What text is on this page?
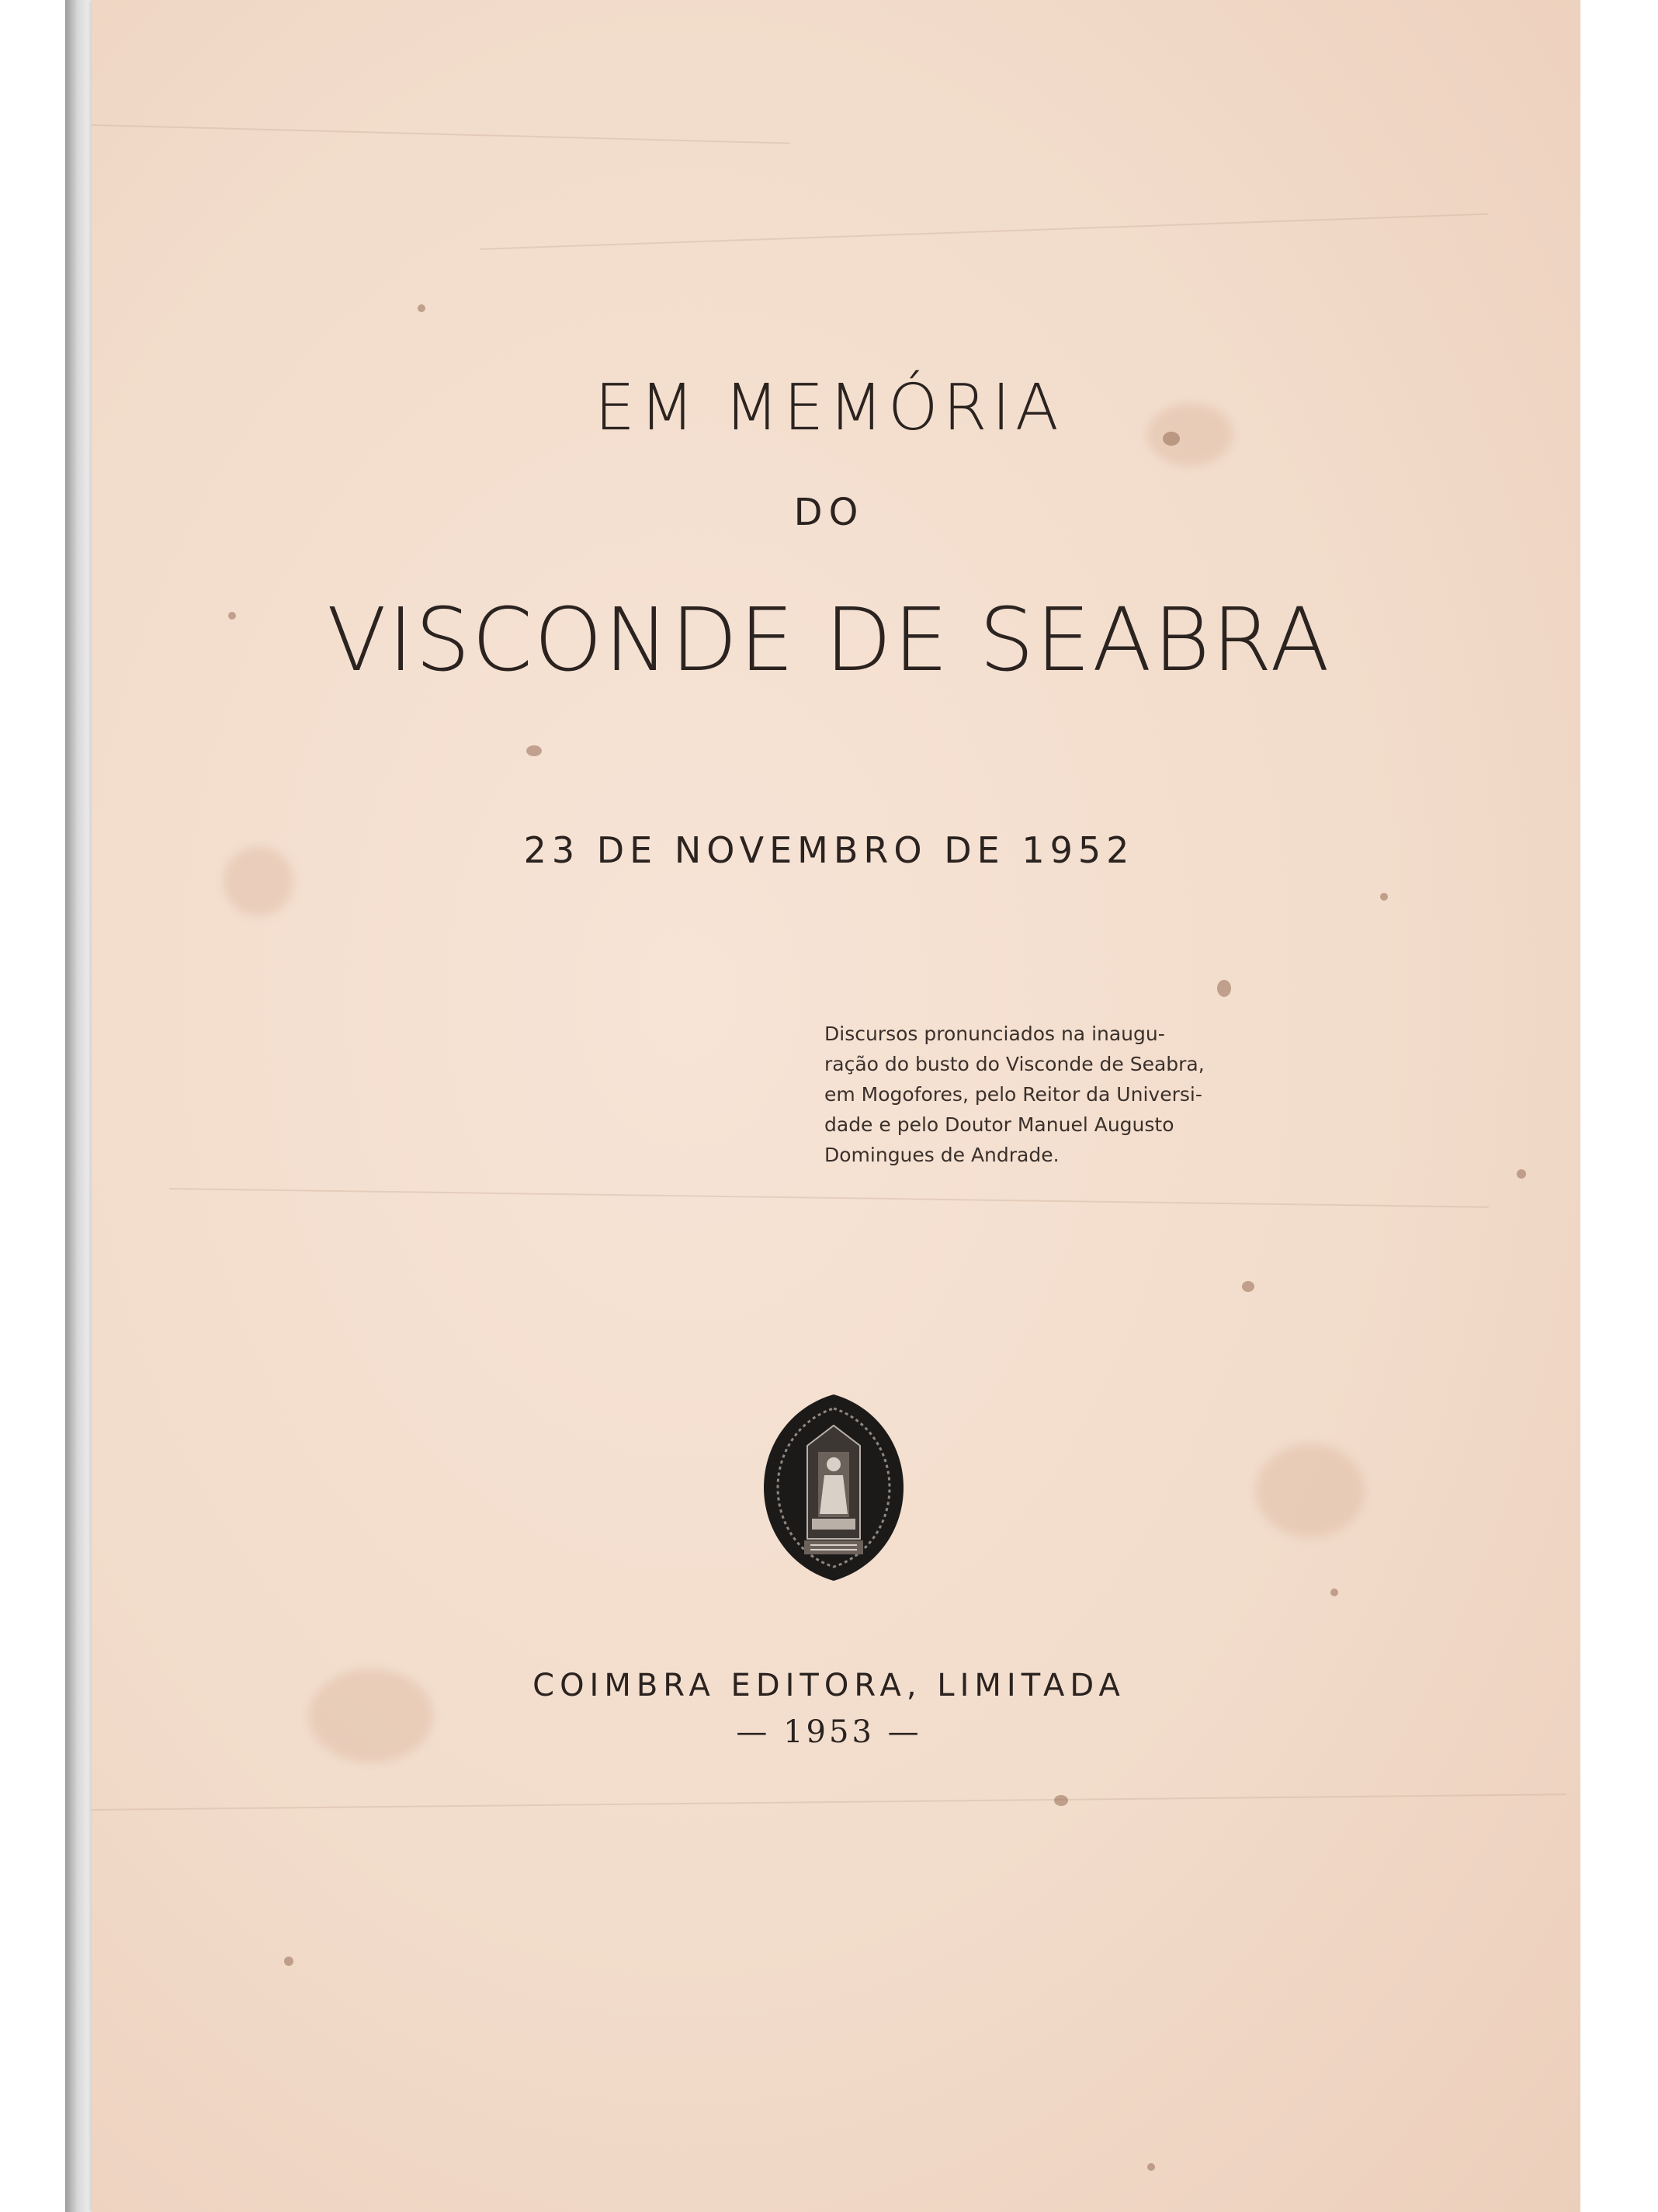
EM MEMÓRIA
DO
VISCONDE DE SEABRA
23 DE NOVEMBRO DE 1952
Discursos pronunciados na inaugu-
ração do busto do Visconde de Seabra,
em Mogofores, pelo Reitor da Universi-
dade e pelo Doutor Manuel Augusto
Domingues de Andrade.
COIMBRA EDITORA, LIMITADA
— 1953 —
